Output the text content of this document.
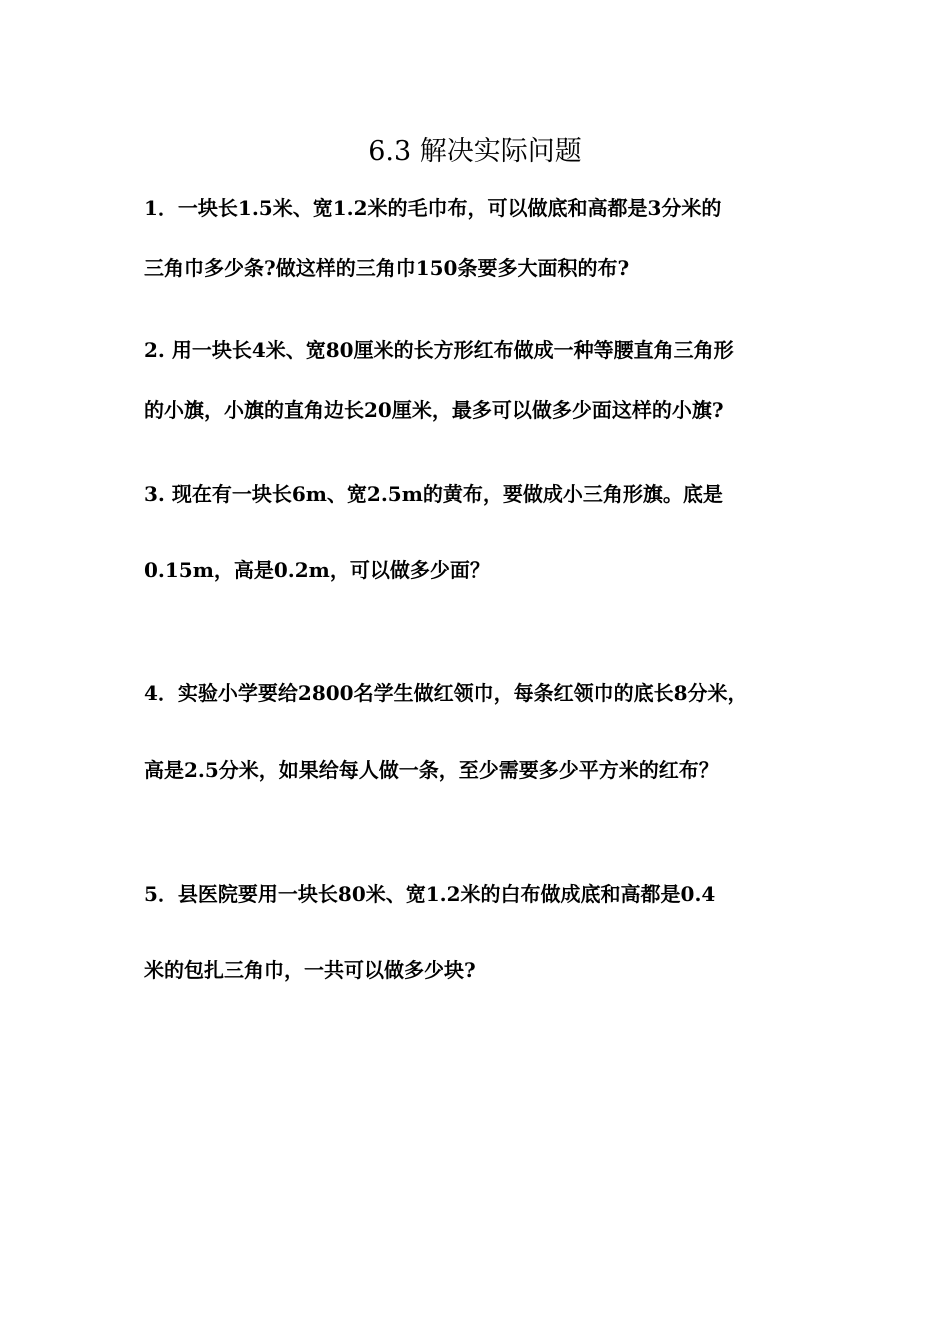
6.3 解决实际问题
1．一块长1.5米、宽1.2米的毛巾布，可以做底和高都是3分米的
三角巾多少条?做这样的三角巾150条要多大面积的布?
2. 用一块长4米、宽80厘米的长方形红布做成一种等腰直角三角形
的小旗，小旗的直角边长20厘米，最多可以做多少面这样的小旗?
3. 现在有一块长6m、宽2.5m的黄布，要做成小三角形旗。底是
0.15m，高是0.2m，可以做多少面？
4．实验小学要给2800名学生做红领巾，每条红领巾的底长8分米，
高是2.5分米，如果给每人做一条，至少需要多少平方米的红布？
5．县医院要用一块长80米、宽1.2米的白布做成底和高都是0.4
米的包扎三角巾，一共可以做多少块?
